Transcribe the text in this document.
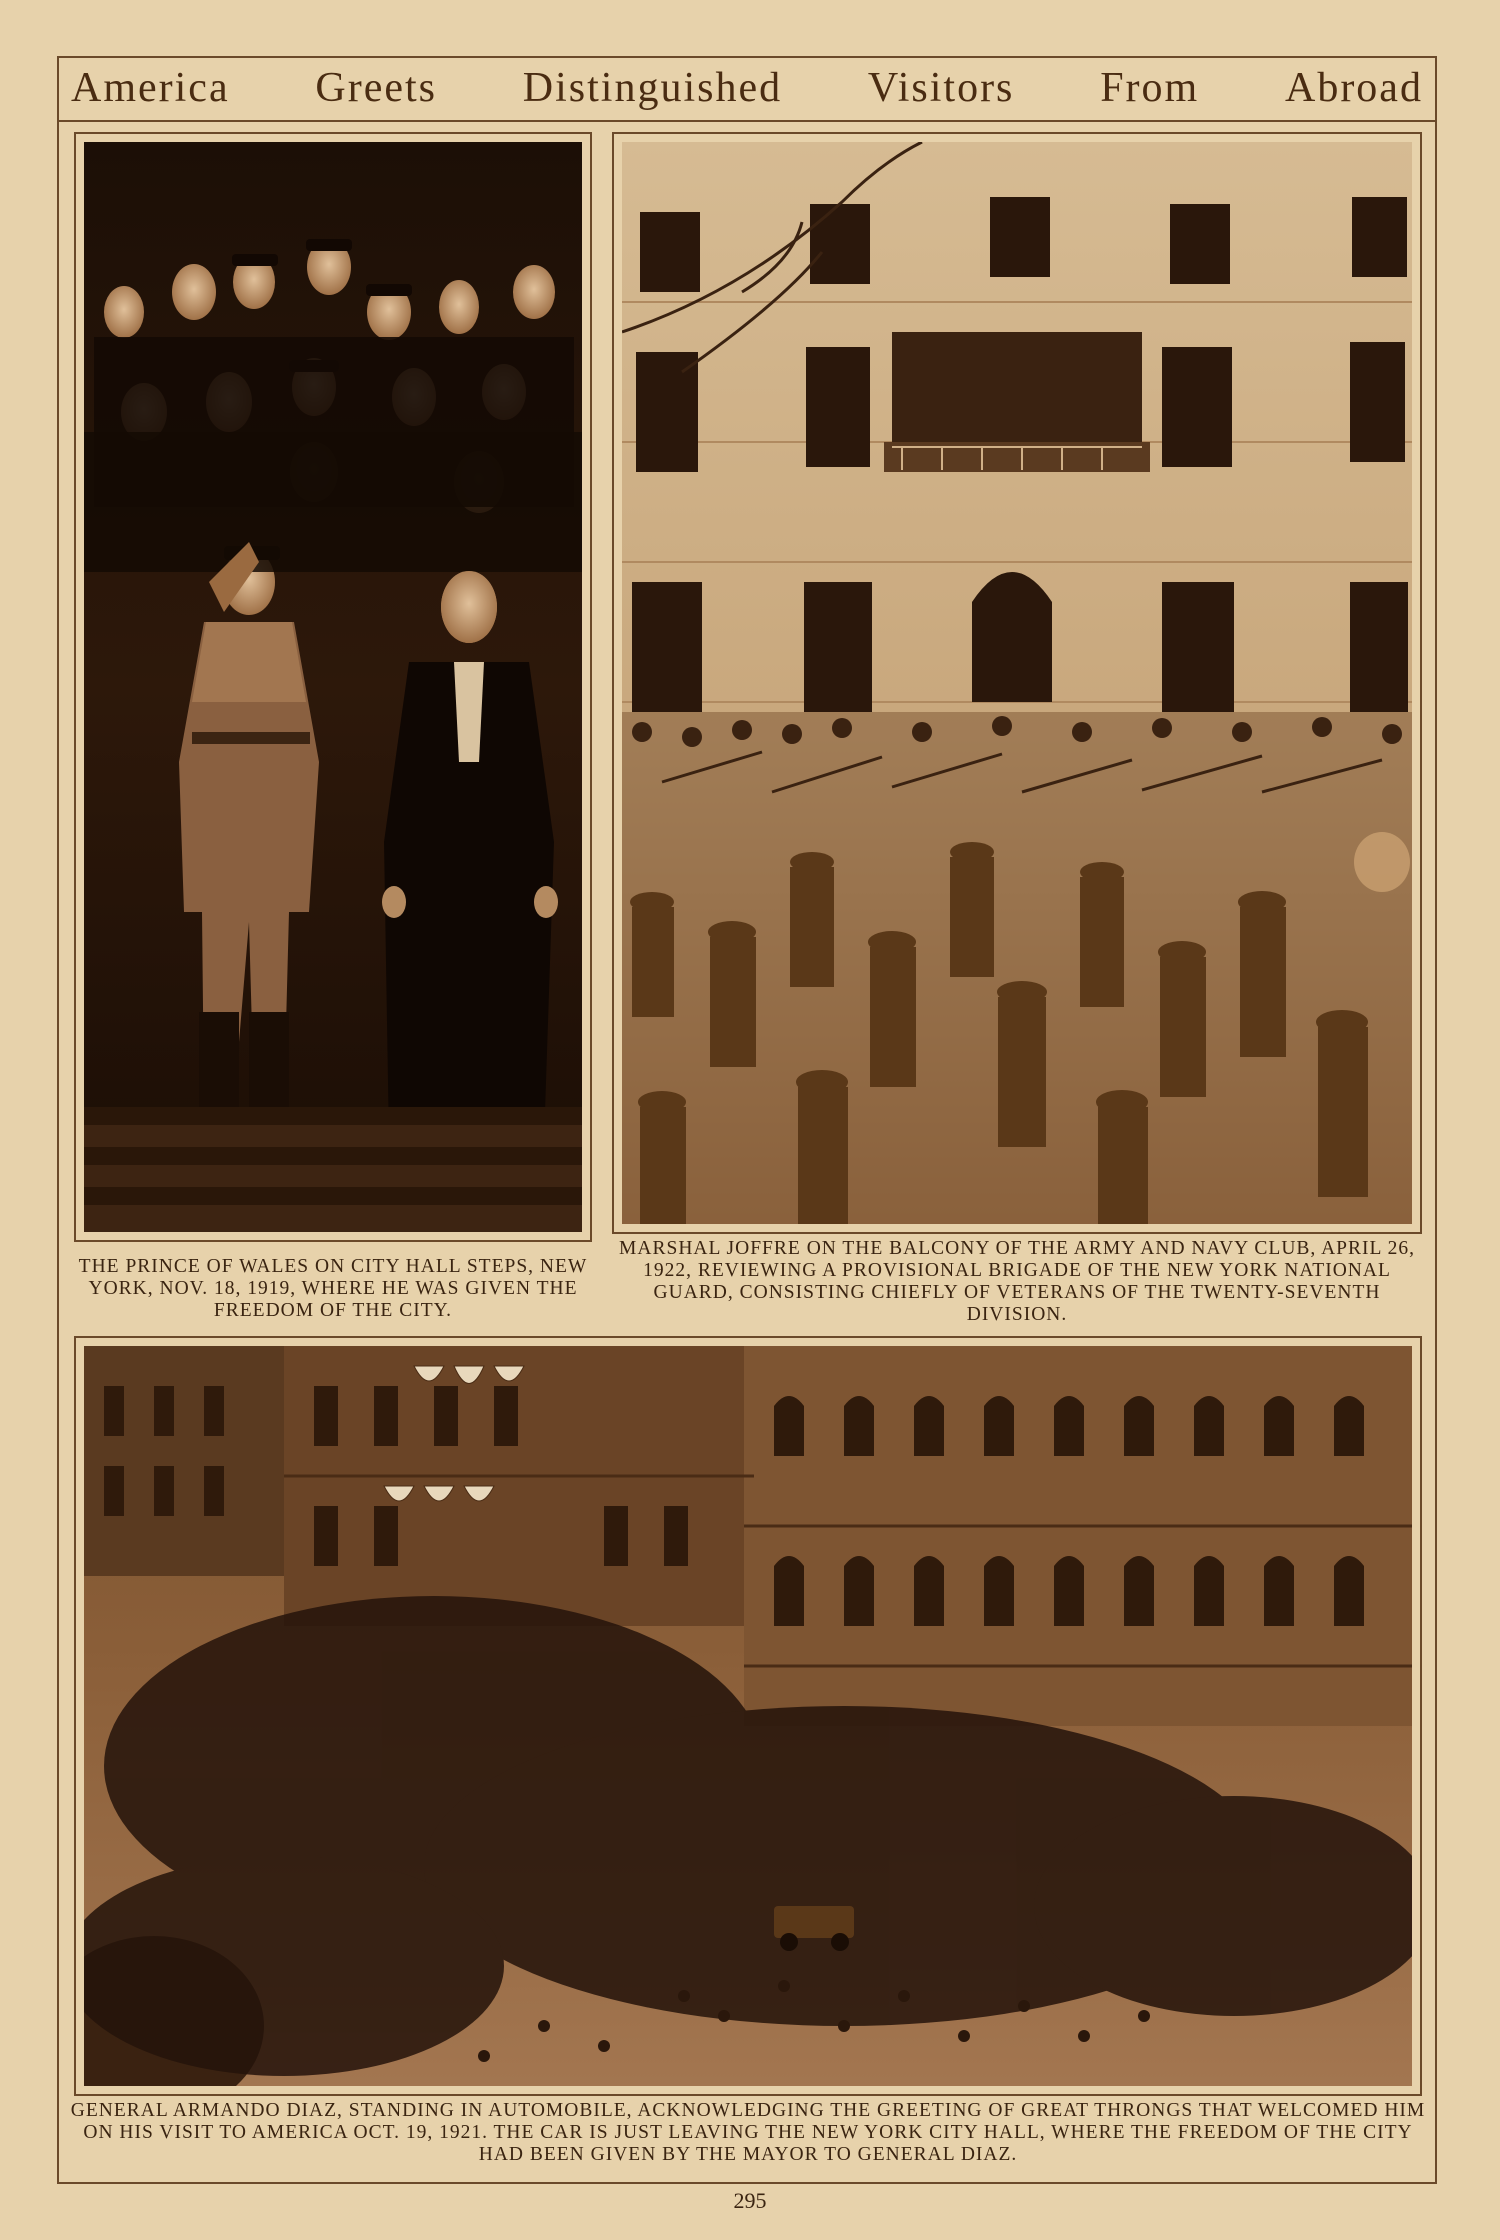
America Greets Distinguished Visitors From Abroad
THE PRINCE OF WALES ON CITY HALL STEPS, NEW YORK, NOV. 18, 1919, WHERE HE WAS GIVEN THE FREEDOM OF THE CITY.
MARSHAL JOFFRE ON THE BALCONY OF THE ARMY AND NAVY CLUB, APRIL 26, 1922, REVIEWING A PROVISIONAL BRIGADE OF THE NEW YORK NATIONAL GUARD, CONSISTING CHIEFLY OF VETERANS OF THE TWENTY-SEVENTH DIVISION.
GENERAL ARMANDO DIAZ, STANDING IN AUTOMOBILE, ACKNOWLEDGING THE GREETING OF GREAT THRONGS THAT WELCOMED HIM ON HIS VISIT TO AMERICA OCT. 19, 1921. THE CAR IS JUST LEAVING THE NEW YORK CITY HALL, WHERE THE FREEDOM OF THE CITY HAD BEEN GIVEN BY THE MAYOR TO GENERAL DIAZ.
295
